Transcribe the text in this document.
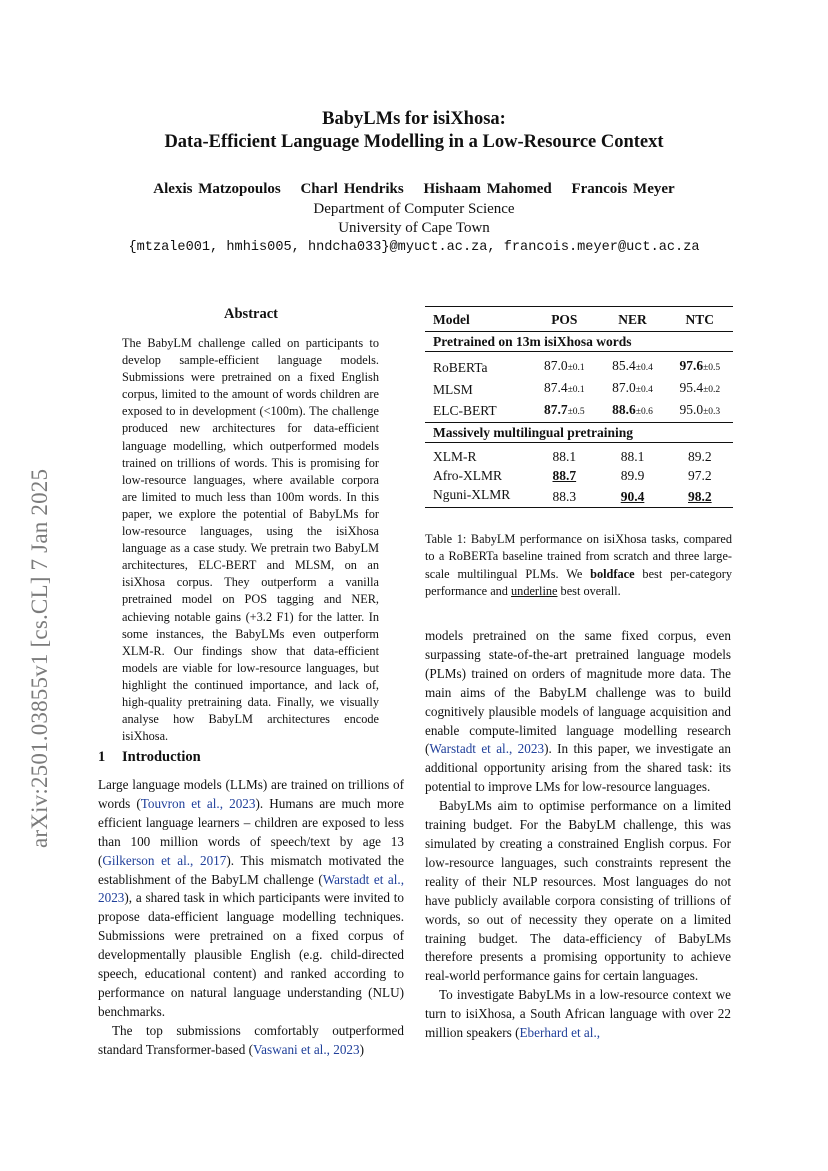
BabyLMs for isiXhosa:
Data-Efficient Language Modelling in a Low-Resource Context
Alexis Matzopoulos Charl Hendriks Hishaam Mahomed Francois Meyer
Department of Computer Science
University of Cape Town
{mtzale001, hmhis005, hndcha033}@myuct.ac.za, francois.meyer@uct.ac.za
arXiv:2501.03855v1 [cs.CL] 7 Jan 2025
Abstract

The BabyLM challenge called on participants to develop sample-efficient language models. Submissions were pretrained on a fixed English corpus, limited to the amount of words children are exposed to in development (<100m). The challenge produced new architectures for data-efficient language modelling, which outperformed models trained on trillions of words. This is promising for low-resource languages, where available corpora are limited to much less than 100m words. In this paper, we explore the potential of BabyLMs for low-resource languages, using the isiXhosa language as a case study. We pretrain two BabyLM architectures, ELC-BERT and MLSM, on an isiXhosa corpus. They outperform a vanilla pretrained model on POS tagging and NER, achieving notable gains (+3.2 F1) for the latter. In some instances, the BabyLMs even outperform XLM-R. Our findings show that data-efficient models are viable for low-resource languages, but highlight the continued importance, and lack of, high-quality pretraining data. Finally, we visually analyse how BabyLM architectures encode isiXhosa.

1 Introduction

Large language models (LLMs) are trained on trillions of words (Touvron et al., 2023). Humans are much more efficient language learners – children are exposed to less than 100 million words of speech/text by age 13 (Gilkerson et al., 2017). This mismatch motivated the establishment of the BabyLM challenge (Warstadt et al., 2023), a shared task in which participants were invited to propose data-efficient language modelling techniques. Submissions were pretrained on a fixed corpus of developmentally plausible English (e.g. child-directed speech, educational content) and ranked according to performance on natural language understanding (NLU) benchmarks.

The top submissions comfortably outperformed standard Transformer-based (Vaswani et al., 2023)

Model	POS	NER	NTC
Pretrained on 13m isiXhosa words			

RoBERTa	87.0±0.1	85.4±0.4	97.6±0.5
MLSM	87.4±0.1	87.0±0.4	95.4±0.2
ELC-BERT	87.7±0.5	88.6±0.6	95.0±0.3
Massively multilingual pretraining			

XLM-R	88.1	88.1	89.2
Afro-XLMR	88.7	89.9	97.2
Nguni-XLMR	88.3	90.4	98.2

Table 1: BabyLM performance on isiXhosa tasks, compared to a RoBERTa baseline trained from scratch and three large-scale multilingual PLMs. We boldface best per-category performance and underline best overall.

models pretrained on the same fixed corpus, even surpassing state-of-the-art pretrained language models (PLMs) trained on orders of magnitude more data. The main aims of the BabyLM challenge was to build cognitively plausible models of language acquisition and enable compute-limited language modelling research (Warstadt et al., 2023). In this paper, we investigate an additional opportunity arising from the shared task: its potential to improve LMs for low-resource languages.

BabyLMs aim to optimise performance on a limited training budget. For the BabyLM challenge, this was simulated by creating a constrained English corpus. For low-resource languages, such constraints represent the reality of their NLP resources. Most languages do not have publicly available corpora consisting of trillions of words, so out of necessity they operate on a limited training budget. The data-efficiency of BabyLMs therefore presents a promising opportunity to achieve real-world performance gains for certain languages.

To investigate BabyLMs in a low-resource context we turn to isiXhosa, a South African language with over 22 million speakers (Eberhard et al.,
